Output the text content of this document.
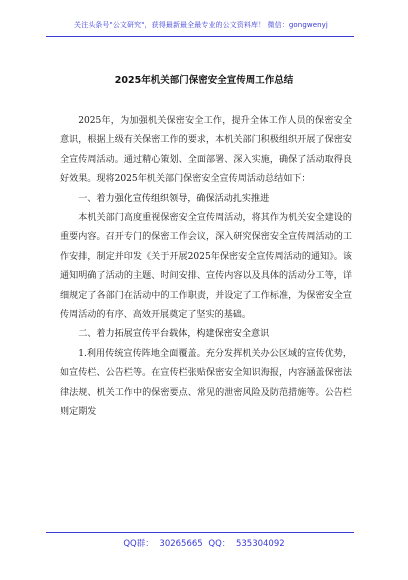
关注头条号"公文研究"，获得最新最全最专业的公文资料库！ 微信：gongwenyj
2025年机关部门保密安全宣传周工作总结

2025年，为加强机关保密安全工作，提升全体工作人员的保密安全意识，根据上级有关保密工作的要求，本机关部门积极组织开展了保密安全宣传周活动。通过精心策划、全面部署、深入实施，确保了活动取得良好效果。现将2025年机关部门保密安全宣传周活动总结如下：

一、着力强化宣传组织领导，确保活动扎实推进

本机关部门高度重视保密安全宣传周活动，将其作为机关安全建设的重要内容。召开专门的保密工作会议，深入研究保密安全宣传周活动的工作安排，制定并印发《关于开展2025年保密安全宣传周活动的通知》。该通知明确了活动的主题、时间安排、宣传内容以及具体的活动分工等，详细规定了各部门在活动中的工作职责，并设定了工作标准，为保密安全宣传周活动的有序、高效开展奠定了坚实的基础。

二、着力拓展宣传平台载体，构建保密安全意识

1.利用传统宣传阵地全面覆盖。充分发挥机关办公区域的宣传优势，如宣传栏、公告栏等。在宣传栏张贴保密安全知识海报，内容涵盖保密法律法规、机关工作中的保密要点、常见的泄密风险及防范措施等。公告栏则定期发

QQ群： 30265665 QQ： 535304092
